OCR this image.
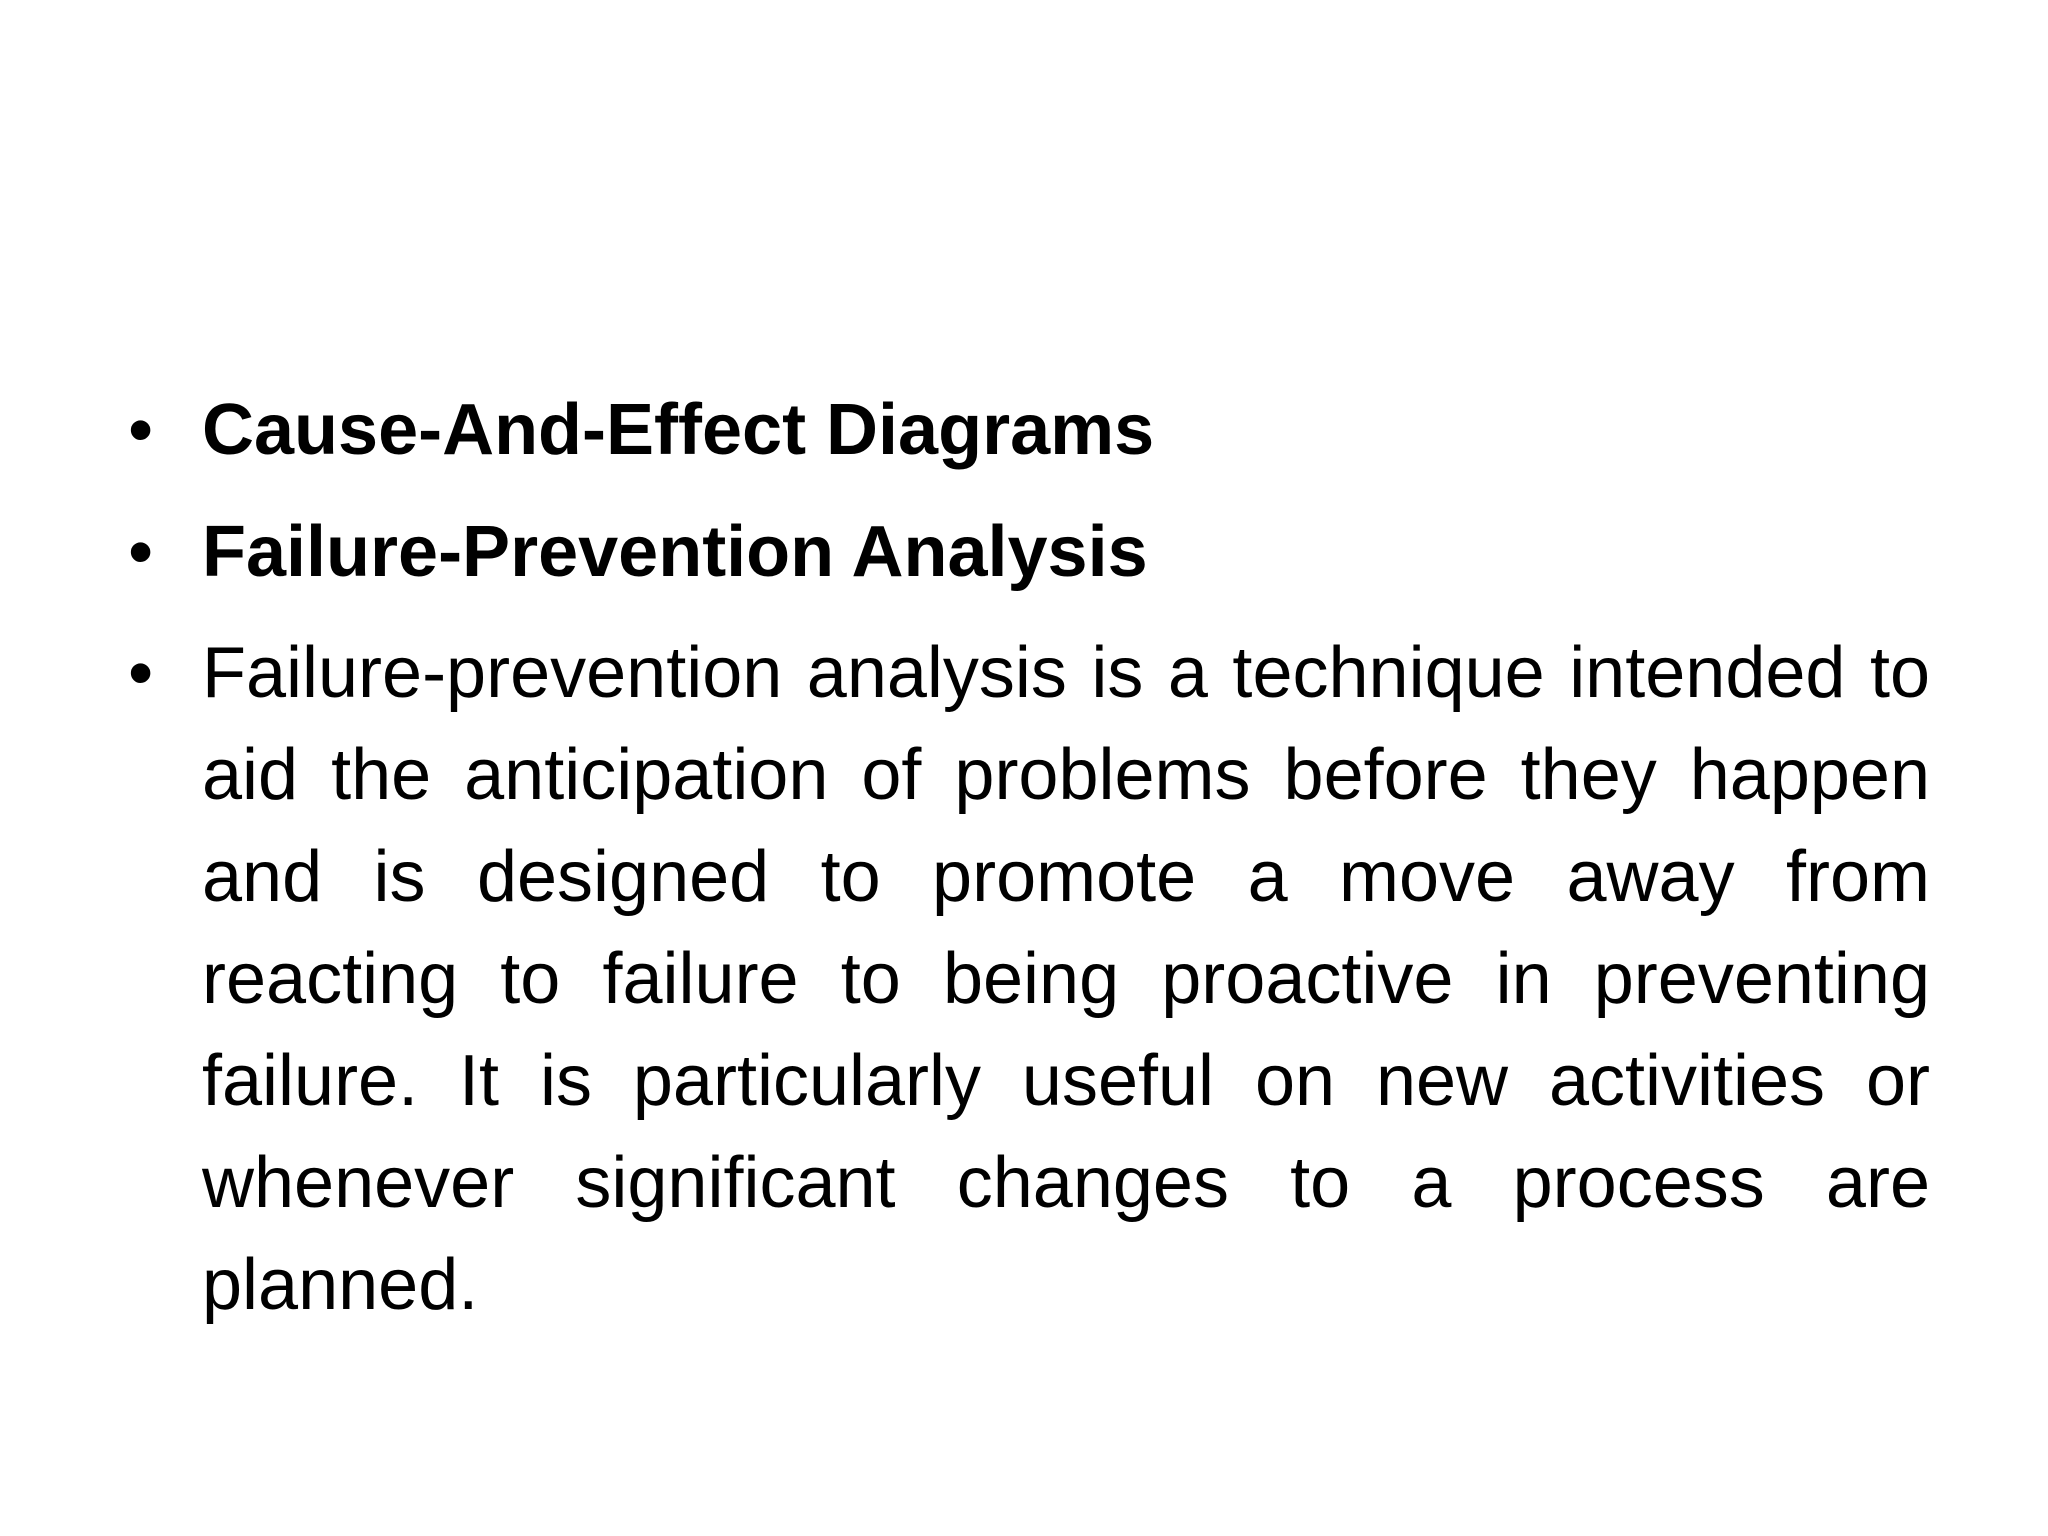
• Cause-And-Effect Diagrams
• Failure-Prevention Analysis
• Failure-prevention analysis is a technique intended to aid the anticipation of problems before they happen and is designed to promote a move away from reacting to failure to being proactive in preventing failure. It is particularly useful on new activities or whenever significant changes to a process are planned.
